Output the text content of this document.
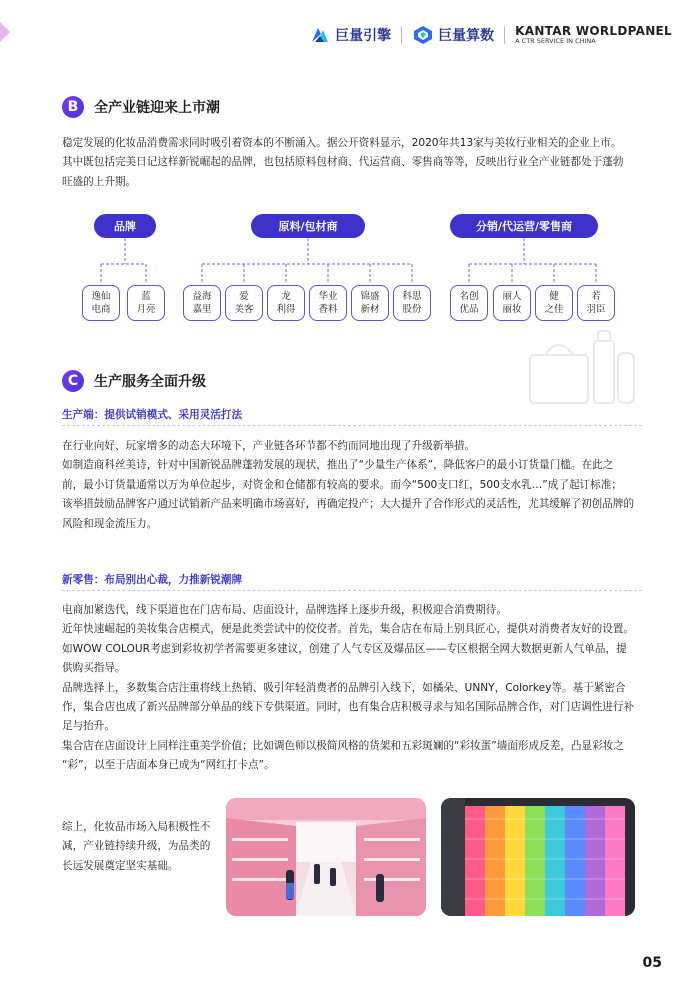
巨量引擎	巨量算数 KANTAR WORLDPANEL
A CTR SERVICE IN CHINA
B	全产业链迎来上市潮

稳定发展的化妆品消费需求同时吸引着资本的不断涌入。据公开资料显示，2020年共13家与美妆行业相关的企业上市。

其中既包括完美日记这样新锐崛起的品牌，也包括原料包材商、代运营商、零售商等等，反映出行业全产业链都处于蓬勃

旺盛的上升期。

品牌	原料/包材商	分销/代运营/零售商
逸仙
电商
蓝
月亮
益海
嘉里
爱
美客
龙
利得
华业
香料
锦盛
新材
科思
股份
名创
优品
丽人
丽妆
健
之佳
若
羽臣
C	生产服务全面升级
生产端：提供试销模式、采用灵活打法

在行业向好、玩家增多的动态大环境下，产业链各环节都不约而同地出现了升级新举措。

如制造商科丝美诗，针对中国新锐品牌蓬勃发展的现状，推出了“少量生产体系”，降低客户的最小订货量门槛。在此之

前，最小订货量通常以万为单位起步，对资金和仓储都有较高的要求。而今“500支口红，500支水乳…”成了起订标准；

该举措鼓励品牌客户通过试销新产品来明确市场喜好，再确定投产；大大提升了合作形式的灵活性，尤其缓解了初创品牌的

风险和现金流压力。

新零售：布局别出心裁，力推新锐潮牌

电商加紧迭代，线下渠道也在门店布局、店面设计，品牌选择上逐步升级，积极迎合消费期待。

近年快速崛起的美妆集合店模式，便是此类尝试中的佼佼者。首先，集合店在布局上别具匠心，提供对消费者友好的设置。

如WOW COLOUR考虑到彩妆初学者需要更多建议，创建了人气专区及爆品区——专区根据全网大数据更新人气单品，提

供购买指导。

品牌选择上，多数集合店注重将线上热销、吸引年轻消费者的品牌引入线下，如橘朵、UNNY，Colorkey等。基于紧密合

作，集合店也成了新兴品牌部分单品的线下专供渠道。同时，也有集合店积极寻求与知名国际品牌合作，对门店调性进行补

足与抬升。

集合店在店面设计上同样注重美学价值；比如调色师以极简风格的货架和五彩斑斓的“彩妆蛋”墙面形成反差，凸显彩妆之

“彩”，以至于店面本身已成为“网红打卡点”。

综上，化妆品市场入局积极性不

减，产业链持续升级，为品类的

长远发展奠定坚实基础。

05
